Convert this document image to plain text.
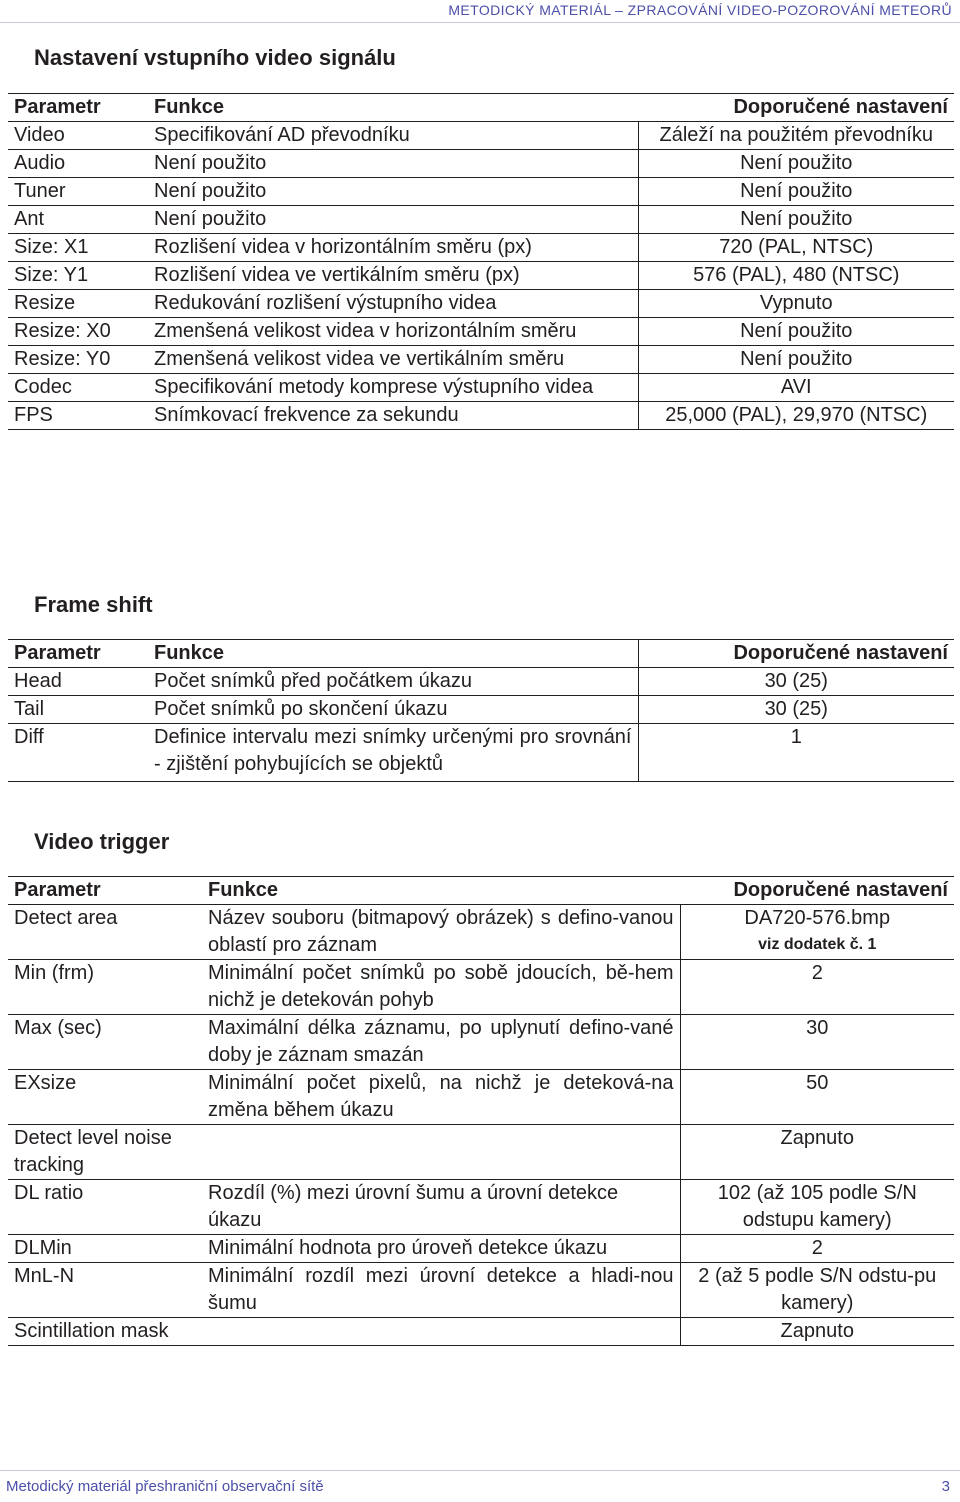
METODICKÝ MATERIÁL – ZPRACOVÁNÍ VIDEO-POZOROVÁNÍ METEORŮ
Nastavení vstupního video signálu
Parametr	Funkce	Doporučené nastavení
Video	Specifikování AD převodníku	Záleží na použitém převodníku
Audio	Není použito	Není použito
Tuner	Není použito	Není použito
Ant	Není použito	Není použito
Size: X1	Rozlišení videa v horizontálním směru (px)	720 (PAL, NTSC)
Size: Y1	Rozlišení videa ve vertikálním směru (px)	576 (PAL), 480 (NTSC)
Resize	Redukování rozlišení výstupního videa	Vypnuto
Resize: X0	Zmenšená velikost videa v horizontálním směru	Není použito
Resize: Y0	Zmenšená velikost videa ve vertikálním směru	Není použito
Codec	Specifikování metody komprese výstupního videa	AVI
FPS	Snímkovací frekvence za sekundu	25,000 (PAL), 29,970 (NTSC)
Frame shift
Parametr	Funkce	Doporučené nastavení
Head	Počet snímků před počátkem úkazu	30 (25)
Tail	Počet snímků po skončení úkazu	30 (25)
Diff	Definice intervalu mezi snímky určenými pro srovnání - zjištění pohybujících se objektů	1
Video trigger
Parametr	Funkce	Doporučené nastavení
Detect area	Název souboru (bitmapový obrázek) s defino-vanou oblastí pro záznam	DA720-576.bmp
viz dodatek č. 1

Min (frm)	Minimální počet snímků po sobě jdoucích, bě-hem nichž je detekován pohyb	2
Max (sec)	Maximální délka záznamu, po uplynutí defino-vané doby je záznam smazán	30
EXsize	Minimální počet pixelů, na nichž je deteková-na změna během úkazu	50
Detect level noise tracking		Zapnuto
DL ratio	Rozdíl (%) mezi úrovní šumu a úrovní detekce úkazu	102 (až 105 podle S/N odstupu kamery)
DLMin	Minimální hodnota pro úroveň detekce úkazu	2
MnL-N	Minimální rozdíl mezi úrovní detekce a hladi-nou šumu	2 (až 5 podle S/N odstu-pu kamery)
Scintillation mask		Zapnuto
Metodický materiál přeshraniční observační sítě	3
